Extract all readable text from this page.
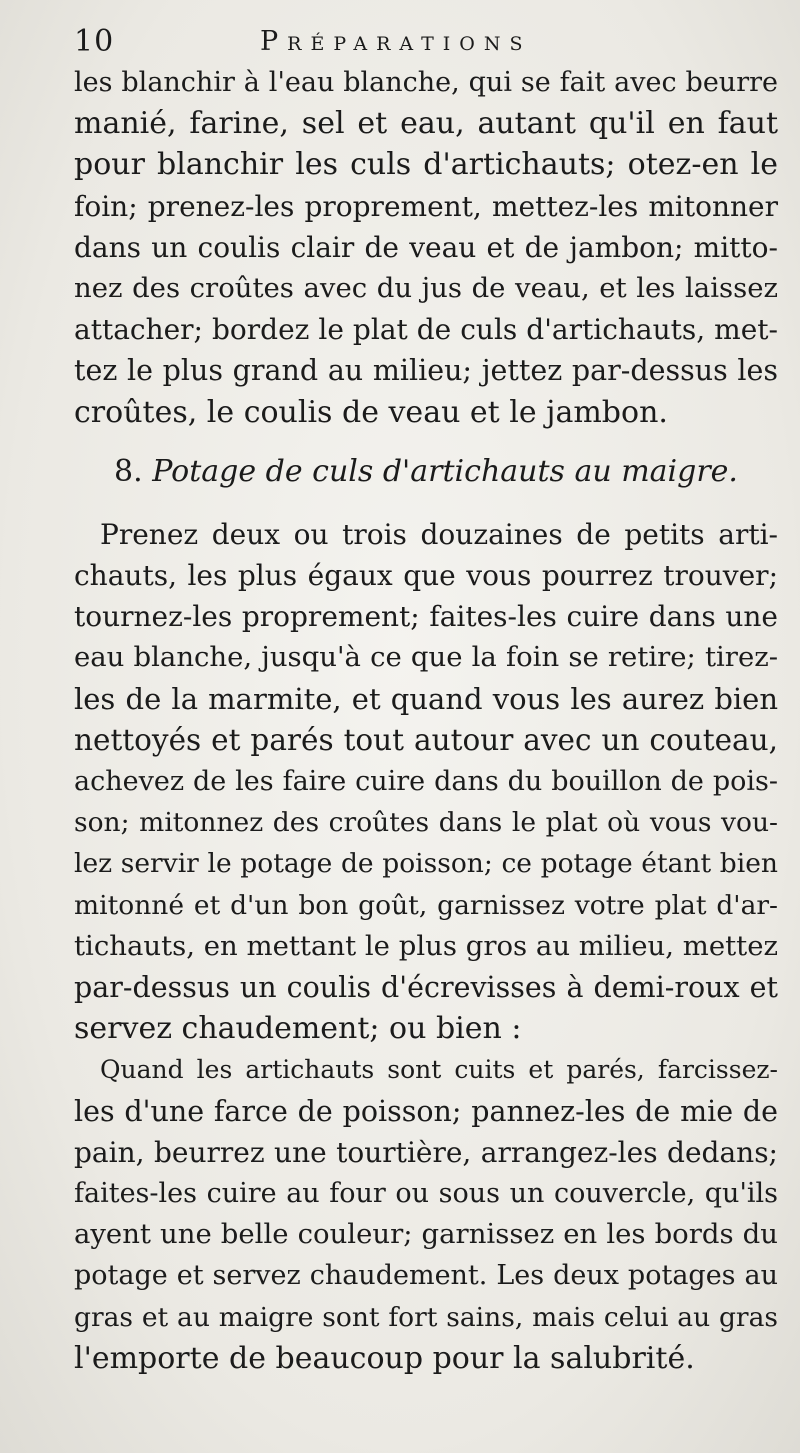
10	Préparations

les blanchir à l'eau blanche, qui se fait avec beurre
manié, farine, sel et eau, autant qu'il en faut
pour blanchir les culs d'artichauts; otez-en le
foin; prenez-les proprement, mettez-les mitonner
dans un coulis clair de veau et de jambon; mitto-
nez des croûtes avec du jus de veau, et les laissez
attacher; bordez le plat de culs d'artichauts, met-
tez le plus grand au milieu; jettez par-dessus les
croûtes, le coulis de veau et le jambon.

8. Potage de culs d'artichauts au maigre.

Prenez deux ou trois douzaines de petits arti-
chauts, les plus égaux que vous pourrez trouver;
tournez-les proprement; faites-les cuire dans une
eau blanche, jusqu'à ce que la foin se retire; tirez-
les de la marmite, et quand vous les aurez bien
nettoyés et parés tout autour avec un couteau,
achevez de les faire cuire dans du bouillon de pois-
son; mitonnez des croûtes dans le plat où vous vou-
lez servir le potage de poisson; ce potage étant bien
mitonné et d'un bon goût, garnissez votre plat d'ar-
tichauts, en mettant le plus gros au milieu, mettez
par-dessus un coulis d'écrevisses à demi-roux et
servez chaudement; ou bien :

Quand les artichauts sont cuits et parés, farcissez-
les d'une farce de poisson; pannez-les de mie de
pain, beurrez une tourtière, arrangez-les dedans;
faites-les cuire au four ou sous un couvercle, qu'ils
ayent une belle couleur; garnissez en les bords du
potage et servez chaudement. Les deux potages au
gras et au maigre sont fort sains, mais celui au gras
l'emporte de beaucoup pour la salubrité.
